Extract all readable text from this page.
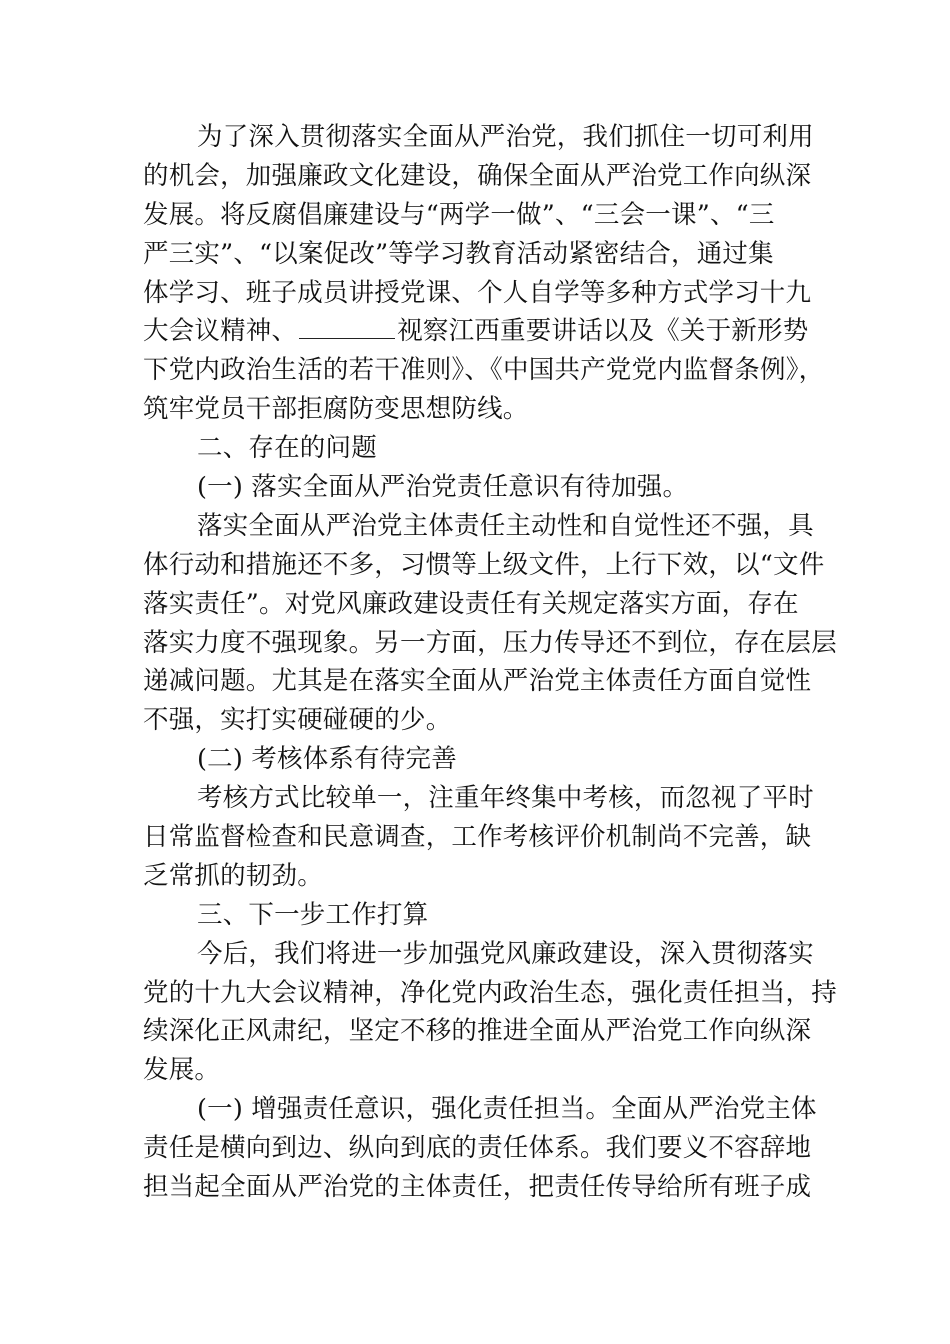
为了深入贯彻落实全面从严治党，我们抓住一切可利用
的机会，加强廉政文化建设，确保全面从严治党工作向纵深
发展。将反腐倡廉建设与“两学一做”、“三会一课”、“三
严三实”、“以案促改”等学习教育活动紧密结合，通过集
体学习、班子成员讲授党课、个人自学等多种方式学习十九
大会议精神、	视察江西重要讲话以及《关于新形势
下党内政治生活的若干准则》、《中国共产党党内监督条例》，
筑牢党员干部拒腐防变思想防线。
二、存在的问题
(一) 落实全面从严治党责任意识有待加强。
落实全面从严治党主体责任主动性和自觉性还不强，具
体行动和措施还不多，习惯等上级文件，上行下效，以“文件
落实责任”。对党风廉政建设责任有关规定落实方面，存在
落实力度不强现象。另一方面，压力传导还不到位，存在层层
递减问题。尤其是在落实全面从严治党主体责任方面自觉性
不强，实打实硬碰硬的少。
(二) 考核体系有待完善
考核方式比较单一，注重年终集中考核，而忽视了平时
日常监督检查和民意调查，工作考核评价机制尚不完善，缺
乏常抓的韧劲。
三、下一步工作打算
今后，我们将进一步加强党风廉政建设，深入贯彻落实
党的十九大会议精神，净化党内政治生态，强化责任担当，持
续深化正风肃纪，坚定不移的推进全面从严治党工作向纵深
发展。
(一) 增强责任意识，强化责任担当。全面从严治党主体
责任是横向到边、纵向到底的责任体系。我们要义不容辞地
担当起全面从严治党的主体责任，把责任传导给所有班子成
